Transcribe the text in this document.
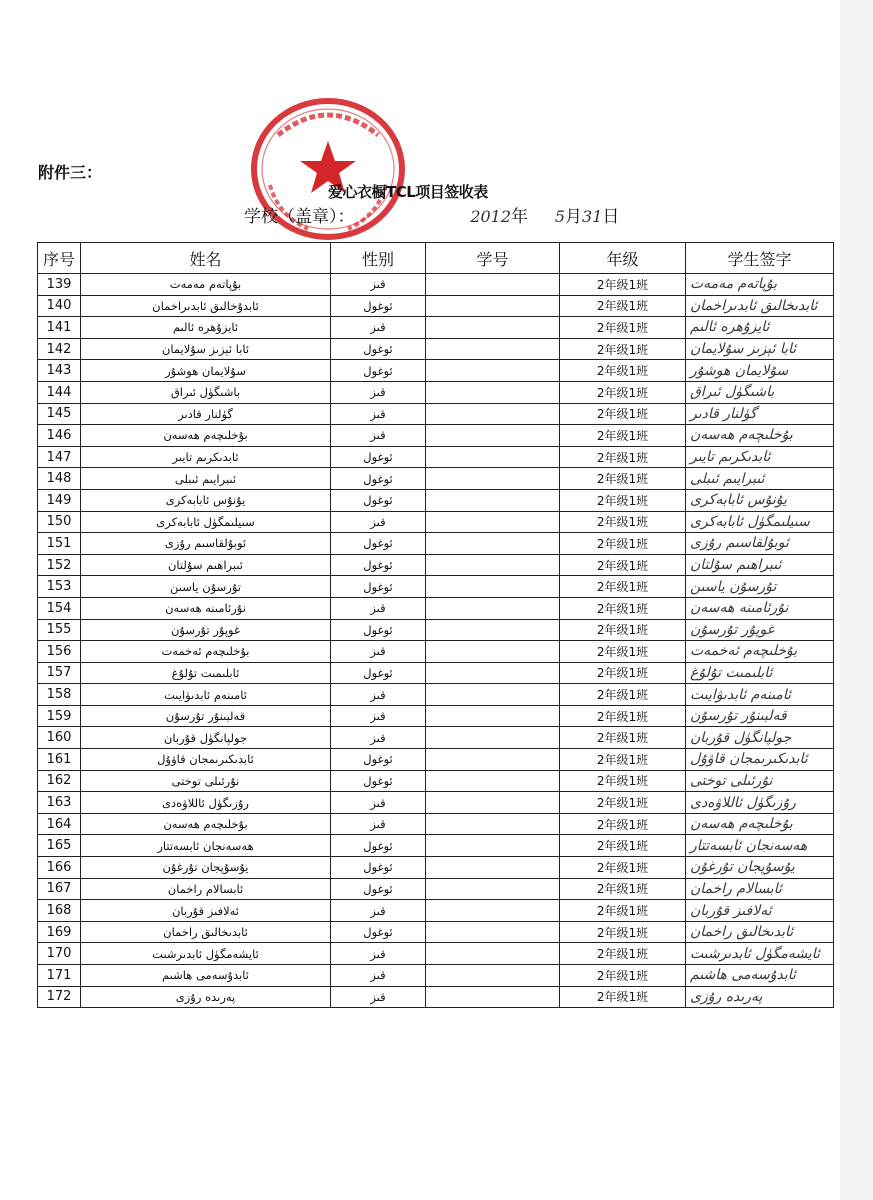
附件三：
爱心衣橱TCL项目签收表
学校（盖章）：	2012年 5月31日
序号	姓名	性别	学号	年级	学生签字
139	بۇپاتەم مەمەت	قىز		2年级1班	بۇپاتەم مەمەت
140	ئابدۇخالىق ئابدىراخمان	ئوغول		2年级1班	ئابدىخالىق ئابدىراخمان
141	ئايزۇھرە ئالىم	قىز		2年级1班	ئايزۇھرە ئالىم
142	ئابا ئېزىز سۇلايمان	ئوغول		2年级1班	ئابا ئېزىز سۇلايمان
143	سۇلايمان ھوشۇر	ئوغول		2年级1班	سۇلايمان ھوشۇر
144	باشىگۈل ئىراق	قىز		2年级1班	باشىگۈل ئىراق
145	گۈلنار قادىر	قىز		2年级1班	گۈلنار قادىر
146	بۇخلىچەم ھەسەن	قىز		2年级1班	بۇخلىچەم ھەسەن
147	ئابدىكرىم تايىر	ئوغول		2年级1班	ئابدىكرىم تايىر
148	ئىبرايىم ئىبلى	ئوغول		2年级1班	ئىبرايىم ئىبلى
149	يۇنۇس ئابابەكرى	ئوغول		2年级1班	يۇنۇس ئابابەكرى
150	سىيلىمگۈل ئابابەكرى	قىز		2年级1班	سىيلىمگۈل ئابابەكرى
151	ئوبۇلقاسىم رۇزى	ئوغول		2年级1班	ئوبۇلقاسىم رۇزى
152	ئىبراھىم سۇلتان	ئوغول		2年级1班	ئىبراھىم سۇلتان
153	تۇرسۇن ياسىن	ئوغول		2年级1班	تۇرسۇن ياسىن
154	نۇرئامىنە ھەسەن	قىز		2年级1班	نۇرئامىنە ھەسەن
155	غوپۇر تۇرسۇن	ئوغول		2年级1班	غوپۇر تۇرسۇن
156	بۇخلىچەم ئەخمەت	قىز		2年级1班	بۇخلىچەم ئەخمەت
157	ئابلىمىت تۇلۇغ	ئوغول		2年级1班	ئابلىمىت تۇلۇغ
158	ئامىنەم ئابدىۋايىت	قىز		2年级1班	ئامىنەم ئابدىۋايىت
159	قەلبىنۇر تۇرسۇن	قىز		2年级1班	قەلبىنۇر تۇرسۇن
160	جولپانگۈل قۇربان	قىز		2年级1班	جولپانگۈل قۇربان
161	ئابدىكىرىمجان قاۋۇل	ئوغول		2年级1班	ئابدىكىرىمجان قاۋۇل
162	نۇرئىلى توختى	ئوغول		2年级1班	نۇرئىلى توختى
163	رۇزىگۈل ئاللاۋەدى	قىز		2年级1班	رۇزىگۈل ئاللاۋەدى
164	بۇخلىچەم ھەسەن	قىز		2年级1班	بۇخلىچەم ھەسەن
165	ھەسەنجان ئابسەتتار	ئوغول		2年级1班	ھەسەنجان ئابسەتتار
166	يۇسۇپجان تۇرغۇن	ئوغول		2年级1班	يۇسۇپجان تۇرغۇن
167	ئابسالام راخمان	ئوغول		2年级1班	ئابسالام راخمان
168	ئەلافىز قۇربان	قىز		2年级1班	ئەلافىز قۇربان
169	ئابدىخالىق راخمان	ئوغول		2年级1班	ئابدىخالىق راخمان
170	ئايشەمگۈل ئابدىرشىت	قىز		2年级1班	ئايشەمگۈل ئابدىرشىت
171	ئابدۇسەمى ھاشىم	قىز		2年级1班	ئابدۇسەمى ھاشىم
172	پەرىدە رۇزى	قىز		2年级1班	پەرىدە رۇزى
